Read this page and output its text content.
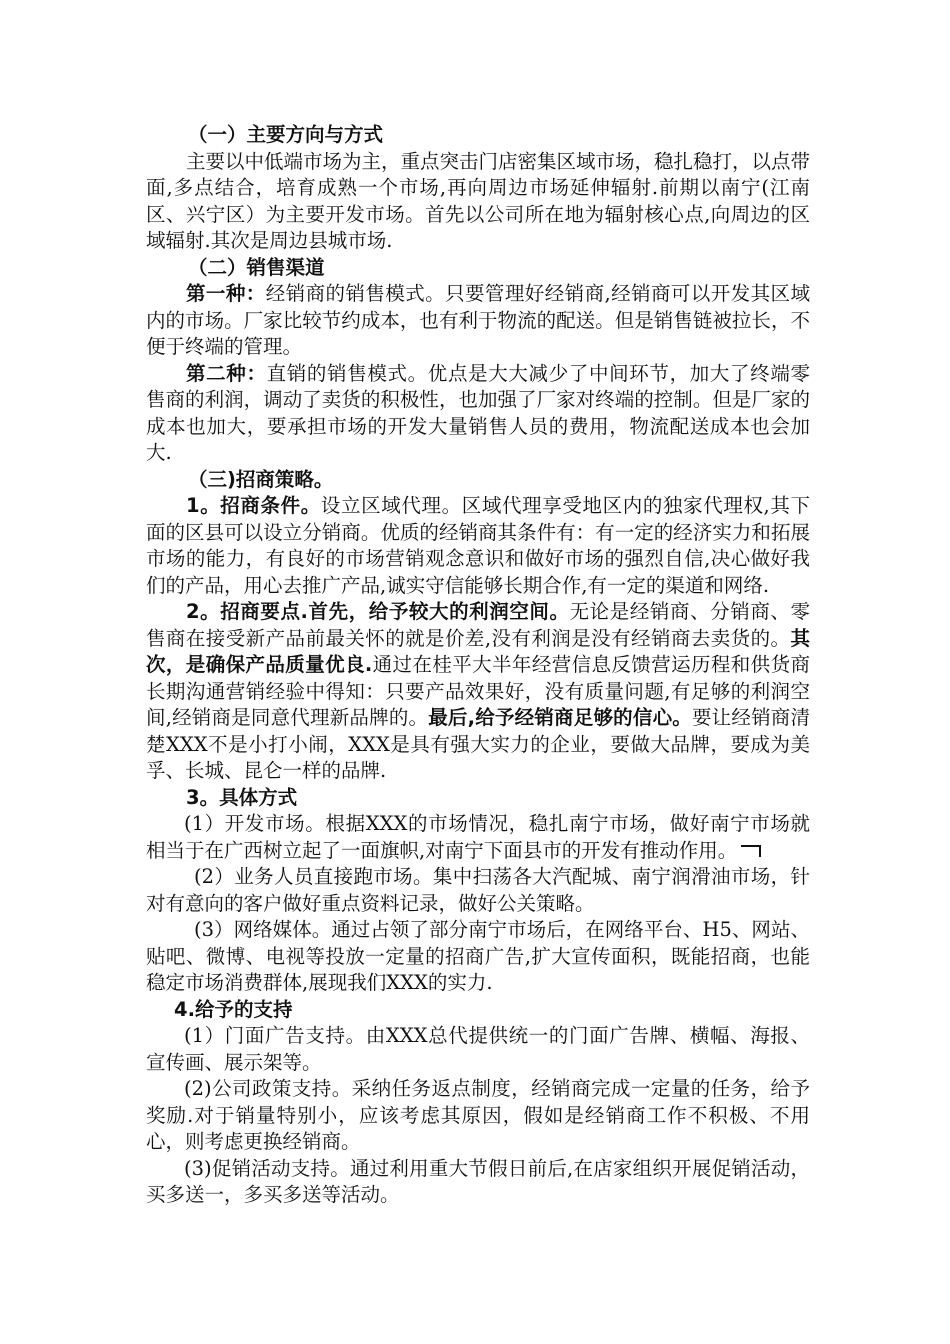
（一）主要方向与方式

主要以中低端市场为主，重点突击门店密集区域市场，稳扎稳打，以点带面,多点结合，培育成熟一个市场,再向周边市场延伸辐射.前期以南宁(江南区、兴宁区）为主要开发市场。首先以公司所在地为辐射核心点,向周边的区域辐射.其次是周边县城市场.

（二）销售渠道

第一种：经销商的销售模式。只要管理好经销商,经销商可以开发其区域内的市场。厂家比较节约成本，也有利于物流的配送。但是销售链被拉长，不便于终端的管理。

第二种：直销的销售模式。优点是大大减少了中间环节，加大了终端零售商的利润，调动了卖货的积极性，也加强了厂家对终端的控制。但是厂家的成本也加大，要承担市场的开发大量销售人员的费用，物流配送成本也会加大.

（三)招商策略。

1。招商条件。设立区域代理。区域代理享受地区内的独家代理权,其下面的区县可以设立分销商。优质的经销商其条件有：有一定的经济实力和拓展市场的能力，有良好的市场营销观念意识和做好市场的强烈自信,决心做好我们的产品，用心去推广产品,诚实守信能够长期合作,有一定的渠道和网络.

2。招商要点.首先，给予较大的利润空间。无论是经销商、分销商、零售商在接受新产品前最关怀的就是价差,没有利润是没有经销商去卖货的。其次，是确保产品质量优良.通过在桂平大半年经营信息反馈营运历程和供货商长期沟通营销经验中得知：只要产品效果好，没有质量问题,有足够的利润空间,经销商是同意代理新品牌的。最后,给予经销商足够的信心。要让经销商清楚XXX不是小打小闹，XXX是具有强大实力的企业，要做大品牌，要成为美孚、长城、昆仑一样的品牌.

3。具体方式

(1）开发市场。根据XXX的市场情况，稳扎南宁市场，做好南宁市场就相当于在广西树立起了一面旗帜,对南宁下面县市的开发有推动作用。

(2）业务人员直接跑市场。集中扫荡各大汽配城、南宁润滑油市场，针对有意向的客户做好重点资料记录，做好公关策略。

(3）网络媒体。通过占领了部分南宁市场后，在网络平台、H5、网站、贴吧、微博、电视等投放一定量的招商广告,扩大宣传面积，既能招商，也能稳定市场消费群体,展现我们XXX的实力.

4.给予的支持

(1）门面广告支持。由XXX总代提供统一的门面广告牌、横幅、海报、宣传画、展示架等。

(2)公司政策支持。采纳任务返点制度，经销商完成一定量的任务，给予奖励.对于销量特别小，应该考虑其原因，假如是经销商工作不积极、不用心，则考虑更换经销商。

(3)促销活动支持。通过利用重大节假日前后,在店家组织开展促销活动，买多送一，多买多送等活动。
